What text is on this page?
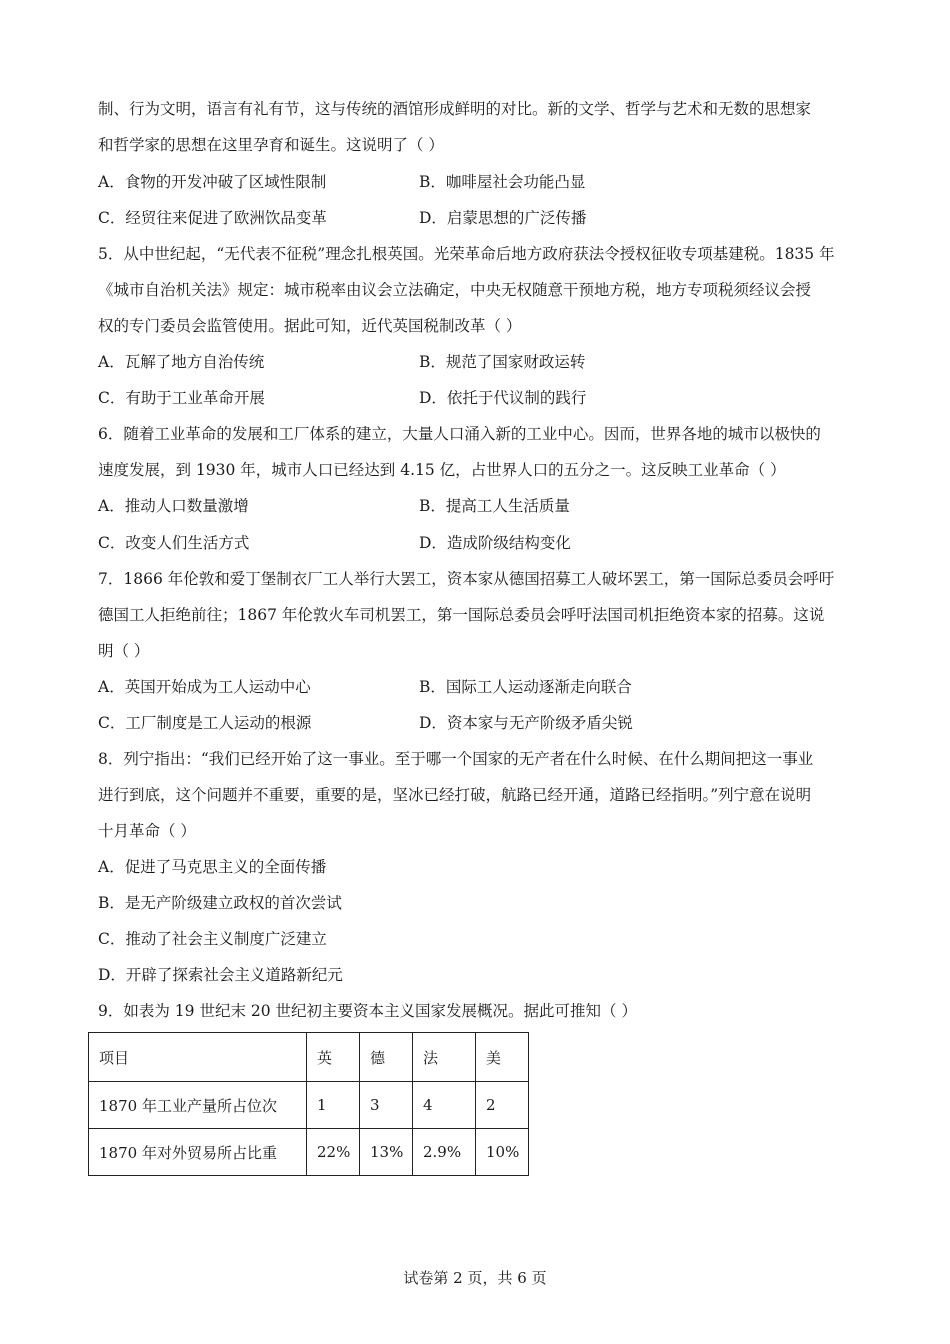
制、行为文明，语言有礼有节，这与传统的酒馆形成鲜明的对比。新的文学、哲学与艺术和无数的思想家
和哲学家的思想在这里孕育和诞生。这说明了（ ）
A．食物的开发冲破了区域性限制	B．咖啡屋社会功能凸显
C．经贸往来促进了欧洲饮品变革	D．启蒙思想的广泛传播
5．从中世纪起，“无代表不征税”理念扎根英国。光荣革命后地方政府获法令授权征收专项基建税。1835 年
《城市自治机关法》规定：城市税率由议会立法确定，中央无权随意干预地方税，地方专项税须经议会授
权的专门委员会监管使用。据此可知，近代英国税制改革（ ）
A．瓦解了地方自治传统	B．规范了国家财政运转
C．有助于工业革命开展	D．依托于代议制的践行
6．随着工业革命的发展和工厂体系的建立，大量人口涌入新的工业中心。因而，世界各地的城市以极快的
速度发展，到 1930 年，城市人口已经达到 4.15 亿，占世界人口的五分之一。这反映工业革命（ ）
A．推动人口数量激增	B．提高工人生活质量
C．改变人们生活方式	D．造成阶级结构变化
7．1866 年伦敦和爱丁堡制衣厂工人举行大罢工，资本家从德国招募工人破坏罢工，第一国际总委员会呼吁
德国工人拒绝前往；1867 年伦敦火车司机罢工，第一国际总委员会呼吁法国司机拒绝资本家的招募。这说
明（ ）
A．英国开始成为工人运动中心	B．国际工人运动逐渐走向联合
C．工厂制度是工人运动的根源	D．资本家与无产阶级矛盾尖锐
8．列宁指出：“我们已经开始了这一事业。至于哪一个国家的无产者在什么时候、在什么期间把这一事业
进行到底，这个问题并不重要，重要的是，坚冰已经打破，航路已经开通，道路已经指明。”列宁意在说明
十月革命（ ）
A．促进了马克思主义的全面传播
B．是无产阶级建立政权的首次尝试
C．推动了社会主义制度广泛建立
D．开辟了探索社会主义道路新纪元
9．如表为 19 世纪末 20 世纪初主要资本主义国家发展概况。据此可推知（ ）
项目	英	德	法	美
1870 年工业产量所占位次	1	3	4	2
1870 年对外贸易所占比重	22%	13%	2.9%	10%
试卷第 2 页，共 6 页
